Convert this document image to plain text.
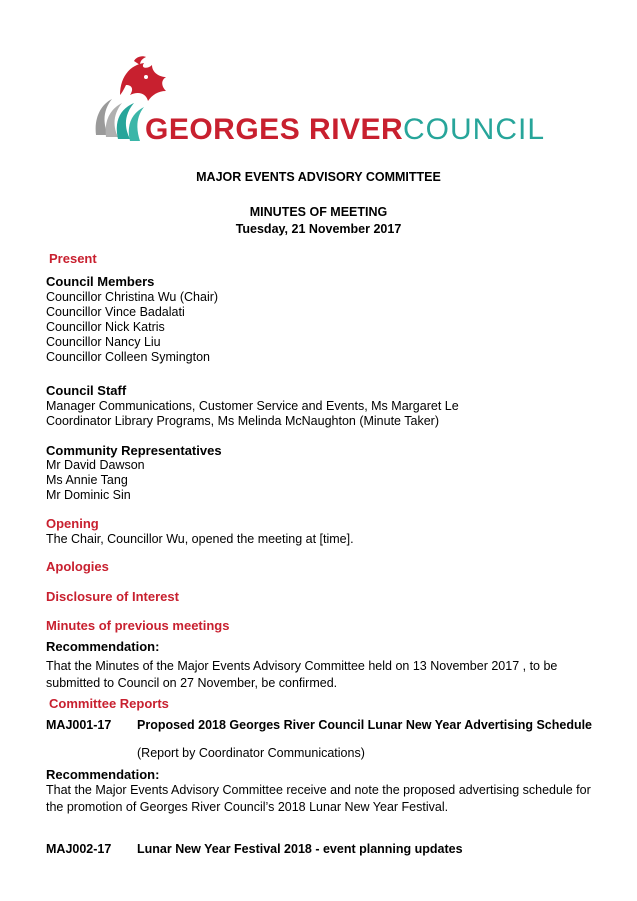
GEORGES RIVER COUNCIL
MAJOR EVENTS ADVISORY COMMITTEE
MINUTES OF MEETING
Tuesday, 21 November 2017
Present
Council Members
Councillor Christina Wu (Chair)
Councillor Vince Badalati
Councillor Nick Katris
Councillor Nancy Liu
Councillor Colleen Symington
Council Staff
Manager Communications, Customer Service and Events, Ms Margaret Le
Coordinator Library Programs, Ms Melinda McNaughton (Minute Taker)
Community Representatives
Mr David Dawson
Ms Annie Tang
Mr Dominic Sin
Opening
The Chair, Councillor Wu, opened the meeting at [time].
Apologies
Disclosure of Interest
Minutes of previous meetings
Recommendation:
That the Minutes of the Major Events Advisory Committee held on 13 November 2017 , to be submitted to Council on 27 November, be confirmed.
Committee Reports
MAJ001-17 Proposed 2018 Georges River Council Lunar New Year Advertising Schedule
(Report by Coordinator Communications)
Recommendation:
That the Major Events Advisory Committee receive and note the proposed advertising schedule for the promotion of Georges River Council’s 2018 Lunar New Year Festival.
MAJ002-17 Lunar New Year Festival 2018 - event planning updates
